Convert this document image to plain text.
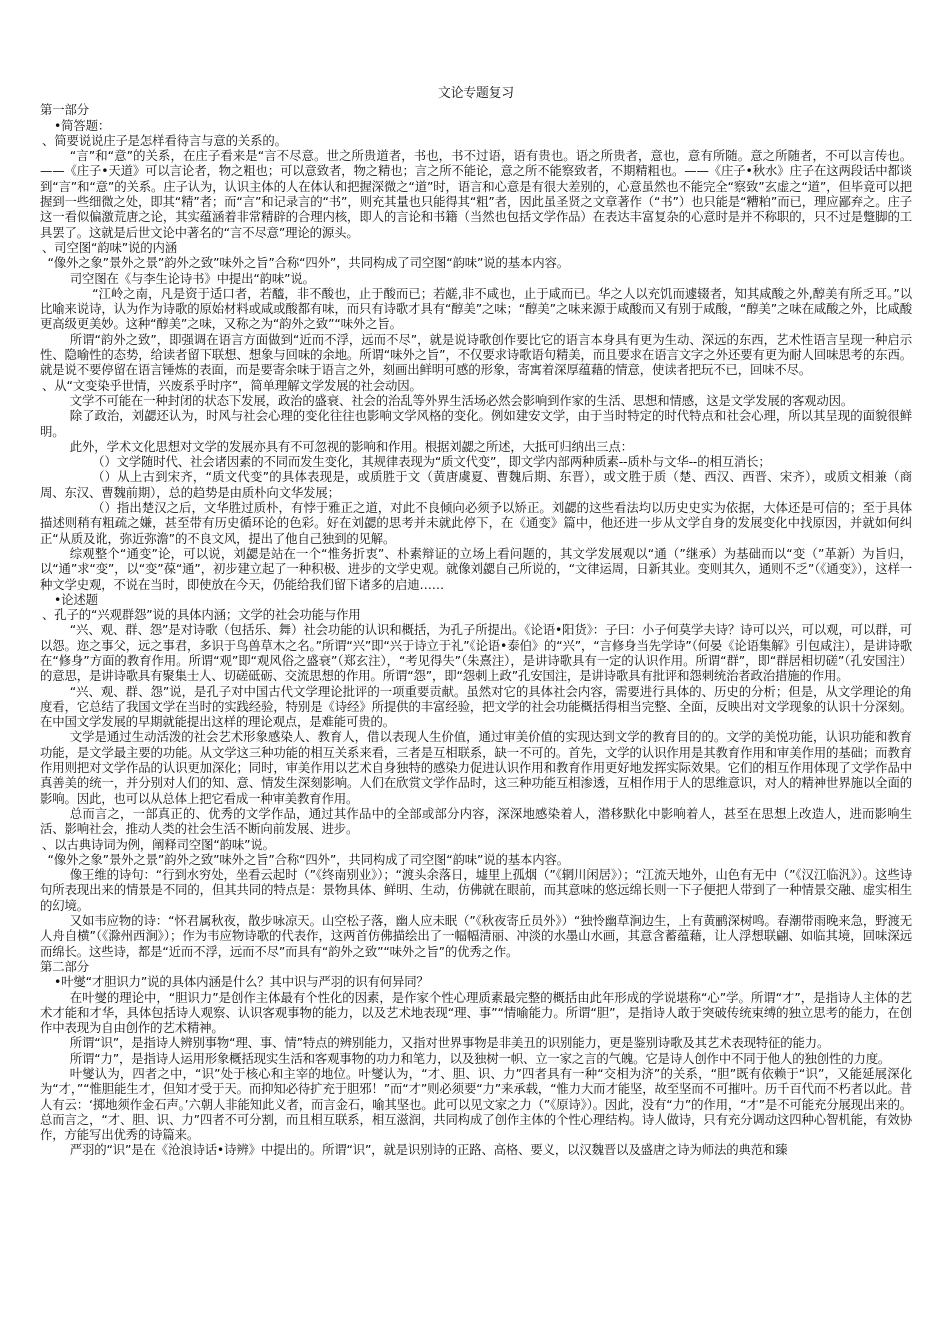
文论专题复习

第一部分

•简答题：

、简要说说庄子是怎样看待言与意的关系的。

“言”和“意”的关系，在庄子看来是“言不尽意。世之所贵道者，书也，书不过语，语有贵也。语之所贵者，意也，意有所随。意之所随者，不可以言传也。——《庄子•天道》可以言论者，物之粗也；可以意致者，物之精也；言之所不能论，意之所不能察致者，不期精粗也。——《庄子•秋水》庄子在这两段话中都谈到“言”和“意”的关系。庄子认为，认识主体的人在体认和把握深微之“道”时，语言和心意是有很大差别的，心意虽然也不能完全“察致”玄虚之“道”，但毕竟可以把握到一些细微之处，即其“精”者；而“言”和记录言的“书”，则充其量也只能得其“粗”者，因此虽圣贤之文章著作（“书”）也只能是“糟粕”而已，理应鄙弃之。庄子这一看似偏激荒唐之论，其实蕴涵着非常精辟的合理内核，即人的言论和书籍（当然也包括文学作品）在表达丰富复杂的心意时是并不称职的，只不过是蹩脚的工具罢了。这就是后世文论中著名的“言不尽意”理论的源头。

、司空图“韵味”说的内涵

“像外之象”景外之景”韵外之致”味外之旨”合称“四外”，共同构成了司空图“韵味”说的基本内容。

司空图在《与李生论诗书》中提出“韵味”说。

“江岭之南，凡是资于适口者，若醯，非不酸也，止于酸而已；若鹾,非不咸也，止于咸而已。华之人以充饥而遽辍者，知其咸酸之外,醇美有所乏耳。”以比喻来说诗，认为作为诗歌的原始材料或咸或酸都有味，而只有诗歌才具有“醇美”之味；“醇美”之味来源于咸酸而又有别于咸酸，“醇美”之味在咸酸之外，比咸酸更高级更美妙。这种“醇美”之味，又称之为“韵外之致”“味外之旨。

所谓“韵外之致”，即强调在语言方面做到“近而不浮，远而不尽”，就是说诗歌创作要比它的语言本身具有更为生动、深远的东西，艺术性语言呈现一种启示性、隐喻性的态势，给读者留下联想、想象与回味的余地。所谓“味外之旨”，不仅要求诗歌语句精美，而且要求在语言文字之外还要有更为耐人回味思考的东西。就是说不要停留在语言锤炼的表面，而是要寄余味于语言之外，刻画出鲜明可感的形象，寄寓着深厚蕴藉的情意，使读者把玩不已，回味不尽。

、从“文变染乎世情，兴废系乎时序”，简单理解文学发展的社会动因。

文学不可能在一种封闭的状态下发展，政治的盛衰、社会的治乱等外界生活场必然会影响到作家的生活、思想和情感，这是文学发展的客观动因。

除了政治，刘勰还认为，时风与社会心理的变化往往也影响文学风格的变化。例如建安文学，由于当时特定的时代特点和社会心理，所以其呈现的面貌很鲜明。

此外，学术文化思想对文学的发展亦具有不可忽视的影响和作用。根据刘勰之所述，大抵可归纳出三点：

（）文学随时代、社会诸因素的不同而发生变化，其规律表现为“质文代变”，即文学内部两种质素--质朴与文华--的相互消长；

（）从上古到宋齐，“质文代变”的具体表现是，或质胜于文（黄唐虞夏、曹魏后期、东晋），或文胜于质（楚、西汉、西晋、宋齐），或质文相兼（商周、东汉、曹魏前期），总的趋势是由质朴向文华发展；

（）指出楚汉之后，文华胜过质朴，有悖于雅正之道，对此不良倾向必须予以矫正。刘勰的这些看法均以历史史实为依据，大体还是可信的；至于具体描述则稍有粗疏之嫌，甚至带有历史循环论的色彩。好在刘勰的思考并未就此停下，在《通变》篇中，他还进一步从文学自身的发展变化中找原因，并就如何纠正“从质及讹，弥近弥澹”的不良文风，提出了他自己独到的见解。

综观整个“通变”论，可以说，刘勰是站在一个“惟务折衷”、朴素辩证的立场上看问题的，其文学发展观以“通（”继承）为基础而以“变（”革新）为旨归，以“通”求“变”，以“变”葆“通”，初步建立起了一种积极、进步的文学史观。就像刘勰自己所说的，“文律运周，日新其业。变则其久，通则不乏”（《通变》），这样一种文学史观，不说在当时，即使放在今天，仍能给我们留下诸多的启迪……

•论述题

、孔子的“兴观群怨”说的具体内涵；文学的社会功能与作用

“兴、观、群、怨”是对诗歌（包括乐、舞）社会功能的认识和概括，为孔子所提出。《论语•阳货》：子曰：小子何莫学夫诗？诗可以兴，可以观，可以群，可以怨。迩之事父，远之事君，多识于鸟兽草木之名。”所谓“兴”即“兴于诗立于礼”《论语•泰伯》的“兴”，“言修身当先学诗”（何晏《论语集解》引包咸注），是讲诗歌在“修身”方面的教育作用。所谓“观”即“观风俗之盛衰”（郑玄注），“考见得失”（朱熹注），是讲诗歌具有一定的认识作用。所谓“群”，即“群居相切磋”（孔安国注）的意思，是讲诗歌具有聚集士人、切磋砥砺、交流思想的作用。所谓“怨”，即“怨刺上政”孔安国注，是讲诗歌具有批评和怨刺统治者政治措施的作用。

“兴、观、群、怨”说，是孔子对中国古代文学理论批评的一项重要贡献。虽然对它的具体社会内容，需要进行具体的、历史的分析；但是，从文学理论的角度看，它总结了我国文学在当时的实践经验，特别是《诗经》所提供的丰富经验，把文学的社会功能概括得相当完整、全面，反映出对文学现象的认识十分深刻。在中国文学发展的早期就能提出这样的理论观点，是难能可贵的。

文学是通过生动活泼的社会艺术形象感染人、教育人，借以表现人生价值，通过审美价值的实现达到文学的教育目的的。文学的美悦功能，认识功能和教育功能，是文学最主要的功能。从文学这三种功能的相互关系来看，三者是互相联系，缺一不可的。首先，文学的认识作用是其教育作用和审美作用的基础；而教育作用则把对文学作品的认识更加深化；同时，审美作用以艺术自身独特的感染力促进认识作用和教育作用更好地发挥实际效果。它们的相互作用体现了文学作品中真善美的统一，并分别对人们的知、意、情发生深刻影响。人们在欣赏文学作品时，这三种功能互相渗透，互相作用于人的思维意识，对人的精神世界施以全面的影响。因此，也可以从总体上把它看成一种审美教育作用。

总而言之，一部真正的、优秀的文学作品，通过其作品中的全部或部分内容，深深地感染着人，潜移默化中影响着人，甚至在思想上改造人，进而影响生活、影响社会，推动人类的社会生活不断向前发展、进步。

、以古典诗词为例，阐释司空图“韵味”说。

“像外之象”景外之景”韵外之致”味外之旨”合称“四外”，共同构成了司空图“韵味”说的基本内容。

像王维的诗句：“行到水穷处，坐看云起时（”《终南别业》）；“渡头余落日，墟里上孤烟（”《辋川闲居》）；“江流天地外，山色有无中（”《汉江临汎》）。这些诗句所表现出来的情景是不同的，但其共同的特点是：景物具体、鲜明、生动，仿佛就在眼前，而其意味的悠远绵长则一下子便把人带到了一种情景交融、虚实相生的幻境。

又如韦应物的诗：“怀君属秋夜，散步咏凉天。山空松子落，幽人应未眠（”《秋夜寄丘员外》）“独怜幽草涧边生，上有黄鹂深树鸣。春潮带雨晚来急，野渡无人舟自横”（《滁州西涧》）；作为韦应物诗歌的代表作，这两首仿佛描绘出了一幅幅清丽、冲淡的水墨山水画，其意含蓄蕴藉，让人浮想联翩、如临其境，回味深远而绵长。这些诗，都是“近而不浮，远而不尽”而具有“韵外之致”“味外之旨”的优秀之作。

第二部分

•叶燮“才胆识力”说的具体内涵是什么？其中识与严羽的识有何异同？

在叶燮的理论中，“胆识力”是创作主体最有个性化的因素，是作家个性心理质素最完整的概括由此年形成的学说堪称“心”学。所谓“才”，是指诗人主体的艺术才能和才华，具体包括诗人观察、认识客观事物的能力，以及艺术地表现“理、事”“情喻能力。所谓“胆”，是指诗人敢于突破传统束缚的独立思考的能力，在创作中表现为自由创作的艺术精神。

所谓“识”，是指诗人辨别事物“理、事、情”特点的辨别能力，又指对世界事物是非美丑的识别能力，更是鉴别诗歌及其艺术表现特征的能力。

所谓“力”，是指诗人运用形象概括现实生活和客观事物的功力和笔力，以及独树一帜、立一家之言的气魄。它是诗人创作中不同于他人的独创性的力度。

叶燮认为，四者之中，“识”处于核心和主宰的地位。叶燮认为，“才、胆、识、力”四者具有一种“交相为济”的关系，“胆”既有依赖于“识”，又能延展深化为“才，”“惟胆能生才，但知才受于天。而抑知必待扩充于胆邪！”而“才”则必须要“力”来承载，“惟力大而才能坚，故至坚而不可摧叶。历千百代而不朽者以此。昔人有云：‘掷地须作金石声。’六朝人非能知此义者，而言金石，喻其坚也。此可以见文家之力（”《原诗》）。因此，没有“力”的作用，“才”是不可能充分展现出来的。总而言之，“才、胆、识、力”四者不可分割，而且相互联系，相互滋润，共同构成了创作主体的个性心理结构。诗人做诗，只有充分调动这四种心智机能，有效协作，方能写出优秀的诗篇来。

严羽的“识”是在《沧浪诗话•诗辨》中提出的。所谓“识”，就是识别诗的正路、高格、要义，以汉魏晋以及盛唐之诗为师法的典范和臻
